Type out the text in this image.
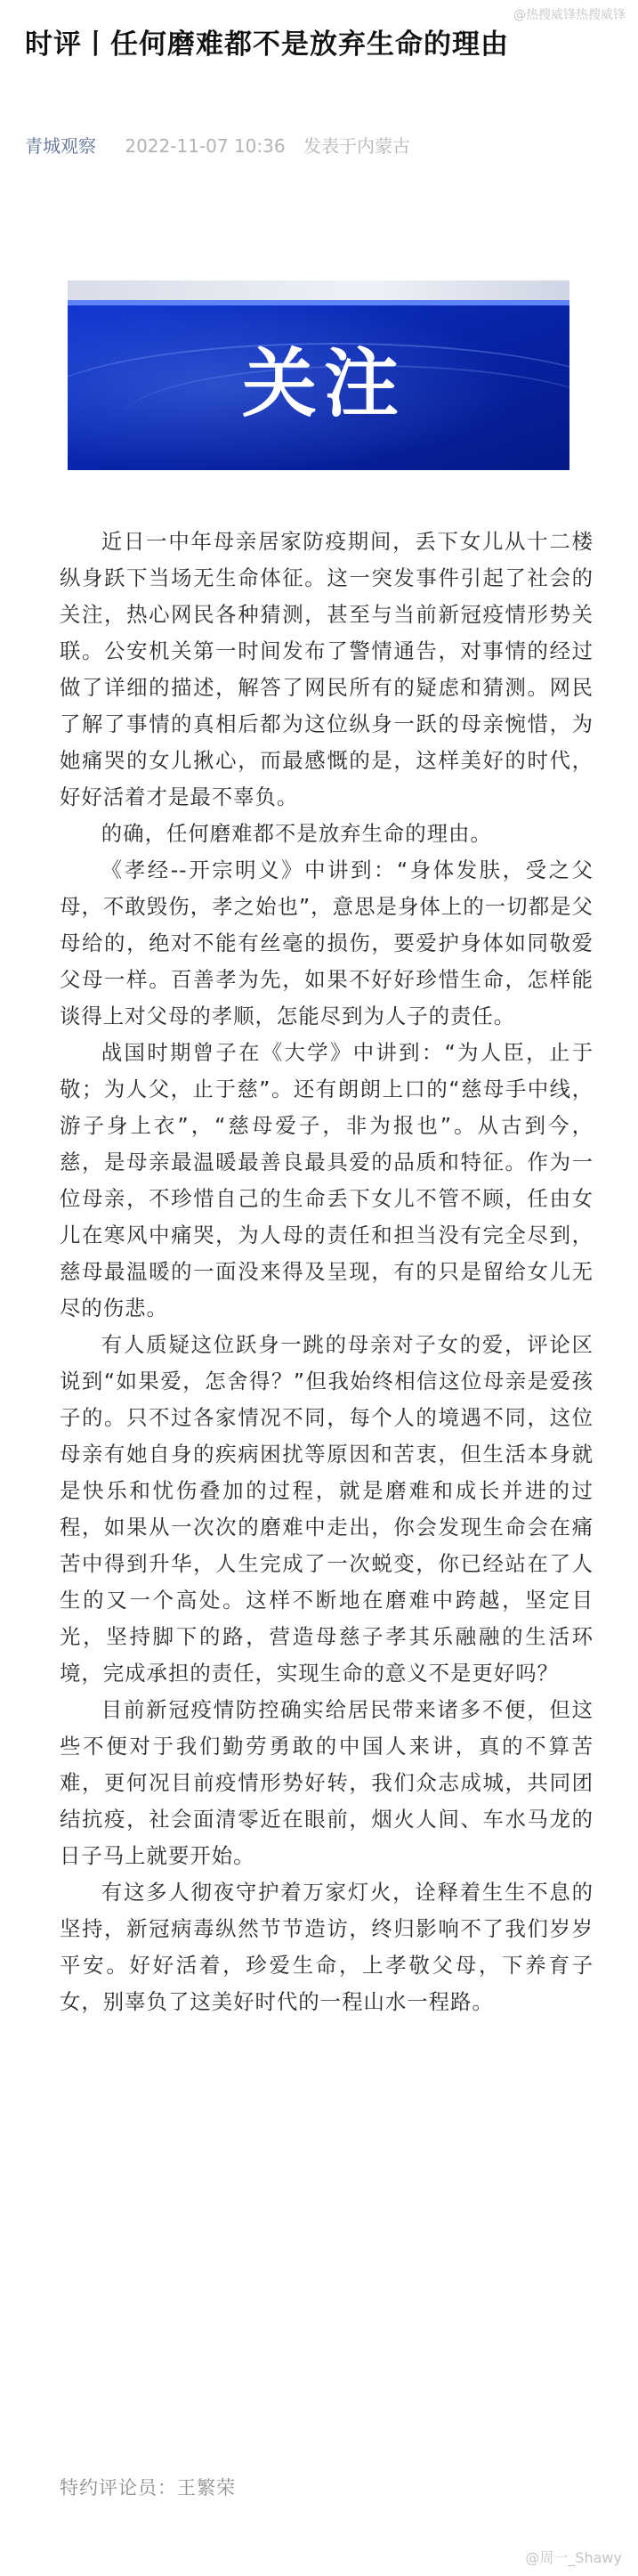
@热搜威锋热搜威锋
时评丨任何磨难都不是放弃生命的理由
青城观察 2022-11-07 10:36 发表于内蒙古
关注

近日一中年母亲居家防疫期间，丢下女儿从十二楼纵身跃下当场无生命体征。这一突发事件引起了社会的关注，热心网民各种猜测，甚至与当前新冠疫情形势关联。公安机关第一时间发布了警情通告，对事情的经过做了详细的描述，解答了网民所有的疑虑和猜测。网民了解了事情的真相后都为这位纵身一跃的母亲惋惜，为她痛哭的女儿揪心，而最感慨的是，这样美好的时代，好好活着才是最不辜负。

的确，任何磨难都不是放弃生命的理由。

《孝经--开宗明义》中讲到：“身体发肤，受之父母，不敢毁伤，孝之始也”，意思是身体上的一切都是父母给的，绝对不能有丝毫的损伤，要爱护身体如同敬爱父母一样。百善孝为先，如果不好好珍惜生命，怎样能谈得上对父母的孝顺，怎能尽到为人子的责任。

战国时期曾子在《大学》中讲到：“为人臣，止于敬；为人父，止于慈”。还有朗朗上口的“慈母手中线，游子身上衣”，“慈母爱子，非为报也”。从古到今，慈，是母亲最温暖最善良最具爱的品质和特征。作为一位母亲，不珍惜自己的生命丢下女儿不管不顾，任由女儿在寒风中痛哭，为人母的责任和担当没有完全尽到，慈母最温暖的一面没来得及呈现，有的只是留给女儿无尽的伤悲。

有人质疑这位跃身一跳的母亲对子女的爱，评论区说到“如果爱，怎舍得？”但我始终相信这位母亲是爱孩子的。只不过各家情况不同，每个人的境遇不同，这位母亲有她自身的疾病困扰等原因和苦衷，但生活本身就是快乐和忧伤叠加的过程，就是磨难和成长并进的过程，如果从一次次的磨难中走出，你会发现生命会在痛苦中得到升华，人生完成了一次蜕变，你已经站在了人生的又一个高处。这样不断地在磨难中跨越，坚定目光，坚持脚下的路，营造母慈子孝其乐融融的生活环境，完成承担的责任，实现生命的意义不是更好吗？

目前新冠疫情防控确实给居民带来诸多不便，但这些不便对于我们勤劳勇敢的中国人来讲，真的不算苦难，更何况目前疫情形势好转，我们众志成城，共同团结抗疫，社会面清零近在眼前，烟火人间、车水马龙的日子马上就要开始。

有这多人彻夜守护着万家灯火，诠释着生生不息的坚持，新冠病毒纵然节节造访，终归影响不了我们岁岁平安。好好活着，珍爱生命，上孝敬父母，下养育子女，别辜负了这美好时代的一程山水一程路。

特约评论员：王繁荣
@周一_Shawy
